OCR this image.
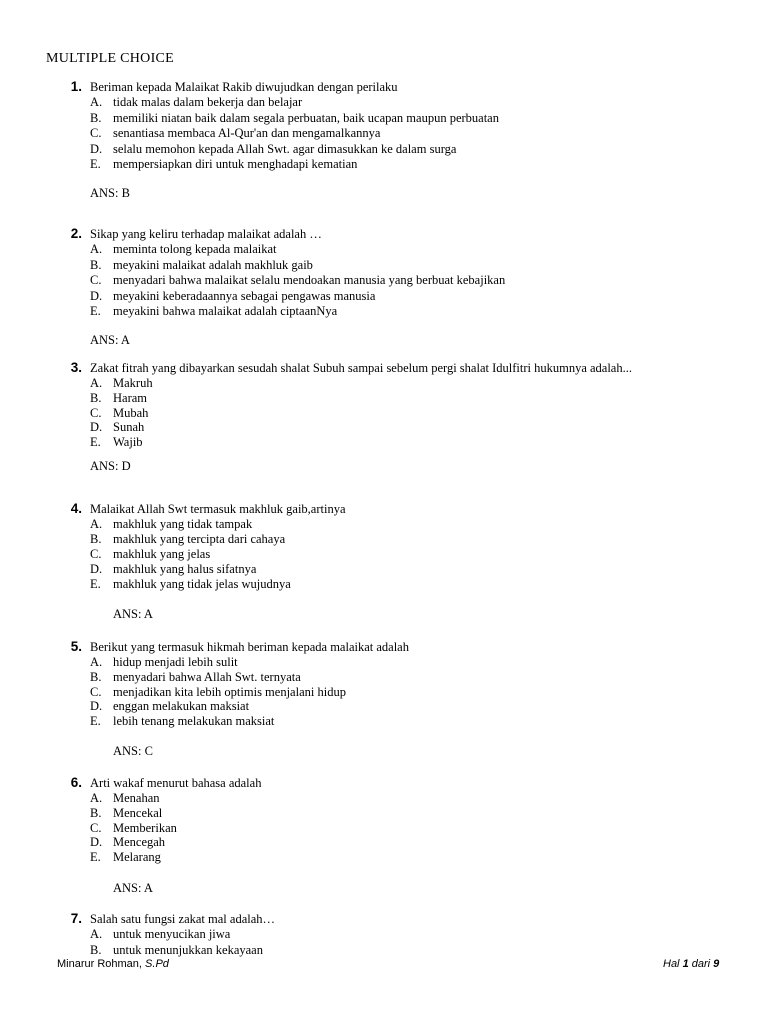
MULTIPLE CHOICE
1. Beriman kepada Malaikat Rakib diwujudkan dengan perilaku
A. tidak malas dalam bekerja dan belajar
B. memiliki niatan baik dalam segala perbuatan, baik ucapan maupun perbuatan
C. senantiasa membaca Al-Qur'an dan mengamalkannya
D. selalu memohon kepada Allah Swt. agar dimasukkan ke dalam surga
E. mempersiapkan diri untuk menghadapi kematian
ANS: B
2. Sikap yang keliru terhadap malaikat adalah …
A. meminta tolong kepada malaikat
B. meyakini malaikat adalah makhluk gaib
C. menyadari bahwa malaikat selalu mendoakan manusia yang berbuat kebajikan
D. meyakini keberadaannya sebagai pengawas manusia
E. meyakini bahwa malaikat adalah ciptaanNya
ANS: A
3. Zakat fitrah yang dibayarkan sesudah shalat Subuh sampai sebelum pergi shalat Idulfitri hukumnya adalah...
A. Makruh
B. Haram
C. Mubah
D. Sunah
E. Wajib
ANS: D
4. Malaikat Allah Swt termasuk makhluk gaib,artinya
A. makhluk yang tidak tampak
B. makhluk yang tercipta dari cahaya
C. makhluk yang jelas
D. makhluk yang halus sifatnya
E. makhluk yang tidak jelas wujudnya
ANS: A
5. Berikut yang termasuk hikmah beriman kepada malaikat adalah
A. hidup menjadi lebih sulit
B. menyadari bahwa Allah Swt. ternyata
C. menjadikan kita lebih optimis menjalani hidup
D. enggan melakukan maksiat
E. lebih tenang melakukan maksiat
ANS: C
6. Arti wakaf menurut bahasa adalah
A. Menahan
B. Mencekal
C. Memberikan
D. Mencegah
E. Melarang
ANS: A
7. Salah satu fungsi zakat mal adalah…
A. untuk menyucikan jiwa
B. untuk menunjukkan kekayaan
Minarur Rohman, S.Pd	Hal 1 dari 9
